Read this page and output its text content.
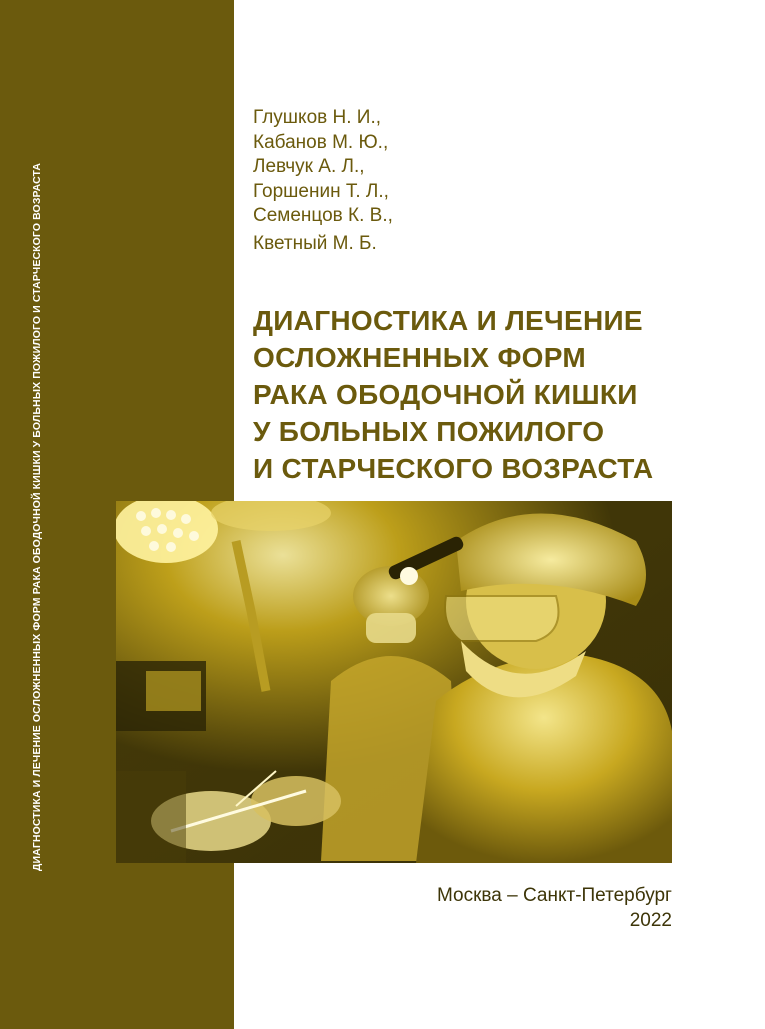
ДИАГНОСТИКА И ЛЕЧЕНИЕ ОСЛОЖНЕННЫХ ФОРМ РАКА ОБОДОЧНОЙ КИШКИ У БОЛЬНЫХ ПОЖИЛОГО И СТАРЧЕСКОГО ВОЗРАСТА
Глушков Н. И.,
Кабанов М. Ю.,
Левчук А. Л.,
Горшенин Т. Л.,
Семенцов К. В.,
Кветный М. Б.
ДИАГНОСТИКА И ЛЕЧЕНИЕ
ОСЛОЖНЕННЫХ ФОРМ
РАКА ОБОДОЧНОЙ КИШКИ
У БОЛЬНЫХ ПОЖИЛОГО
И СТАРЧЕСКОГО ВОЗРАСТА
Москва – Санкт-Петербург
2022
